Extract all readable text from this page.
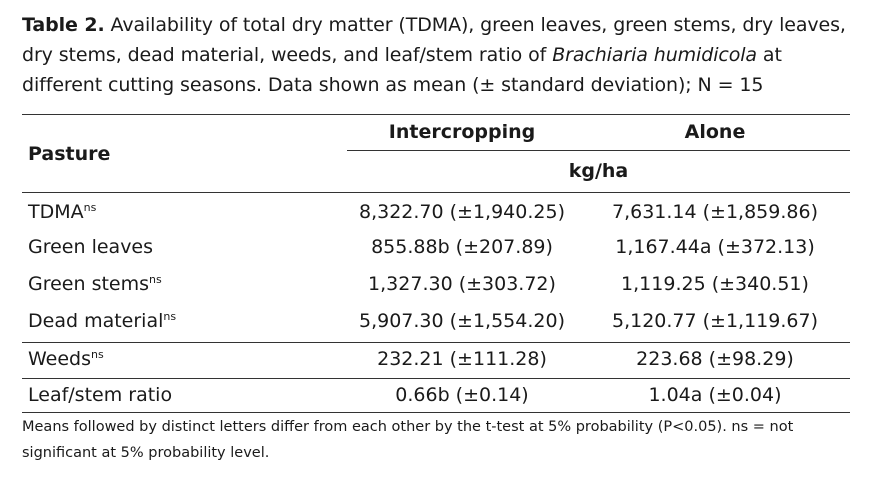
Table 2. Availability of total dry matter (TDMA), green leaves, green stems, dry leaves, dry stems, dead material, weeds, and leaf/stem ratio of Brachiaria humidicola at different cutting seasons. Data shown as mean (± standard deviation); N = 15
Pasture
Intercropping	Alone
kg/ha
$TDMA^{ns}$	8,322.70 (±1,940.25)	7,631.14 (±1,859.86)
Green leaves	855.88b (±207.89)	1,167.44a (±372.13)
Green stems$^{ns}$	1,327.30 (±303.72)	1,119.25 (±340.51)
Dead material$^{ns}$	5,907.30 (±1,554.20)	5,120.77 (±1,119.67)
Weeds$^{ns}$	232.21 (±111.28)	223.68 (±98.29)
Leaf/stem ratio	0.66b (±0.14)	1.04a (±0.04)
Means followed by distinct letters differ from each other by the t-test at 5% probability (P<0.05). ns = not significant at 5% probability level.
